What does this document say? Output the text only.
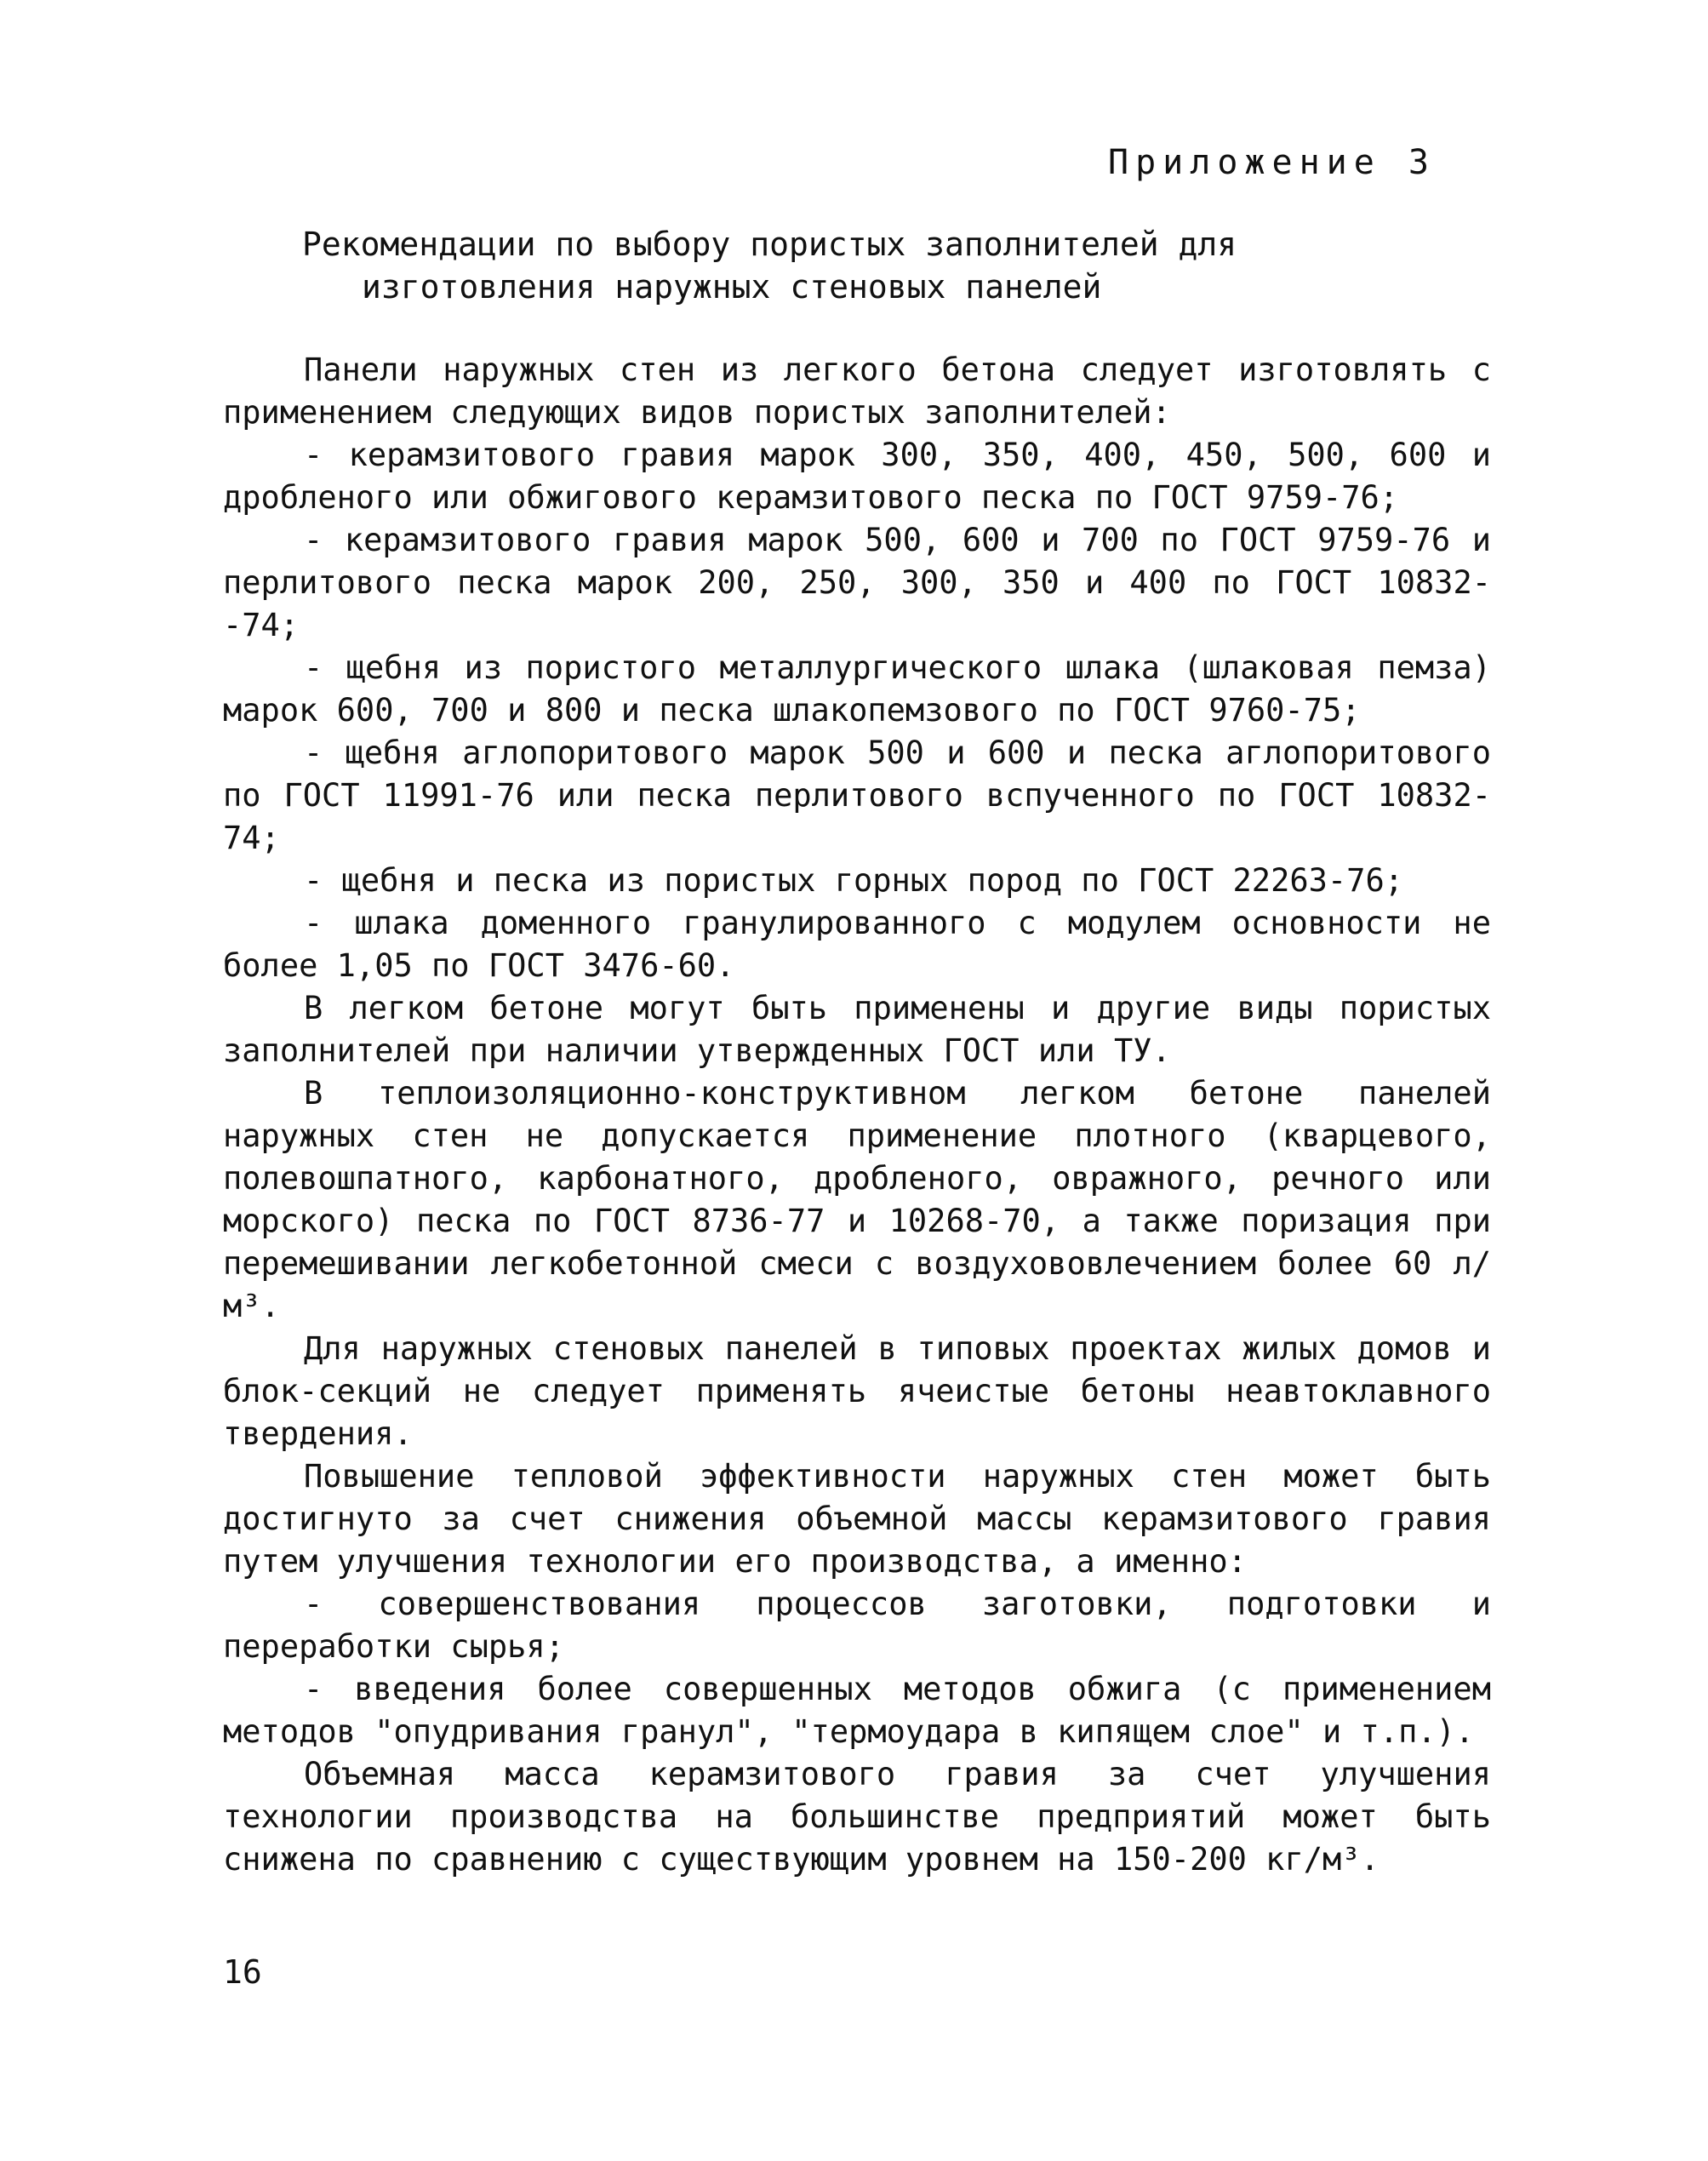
Приложение 3
Рекомендации по выбору пористых заполнителей для
изготовления наружных стеновых панелей

Панели наружных стен из легкого бетона следует изготовлять с применением следующих видов пористых заполнителей:

- керамзитового гравия марок 300, 350, 400, 450, 500, 600 и дробленого или обжигового керамзитового песка по ГОСТ 9759-76;

- керамзитового гравия марок 500, 600 и 700 по ГОСТ 9759-76 и перлитового песка марок 200, 250, 300, 350 и 400 по ГОСТ 10832--74;

- щебня из пористого металлургического шлака (шлаковая пемза) марок 600, 700 и 800 и песка шлакопемзового по ГОСТ 9760-75;

- щебня аглопоритового марок 500 и 600 и песка аглопоритового по ГОСТ 11991-76 или песка перлитового вспученного по ГОСТ 10832-74;

- щебня и песка из пористых горных пород по ГОСТ 22263-76;

- шлака доменного гранулированного с модулем основности не более 1,05 по ГОСТ 3476-60.

В легком бетоне могут быть применены и другие виды пористых заполнителей при наличии утвержденных ГОСТ или ТУ.

В теплоизоляционно-конструктивном легком бетоне панелей наружных стен не допускается применение плотного (кварцевого, полевошпатного, карбонатного, дробленого, овражного, речного или морского) песка по ГОСТ 8736-77 и 10268-70, а также поризация при перемешивании легкобетонной смеси с воздухововлечением более 60 л/м³.

Для наружных стеновых панелей в типовых проектах жилых домов и блок-секций не следует применять ячеистые бетоны неавтоклавного твердения.

Повышение тепловой эффективности наружных стен может быть достигнуто за счет снижения объемной массы керамзитового гравия путем улучшения технологии его производства, а именно:

- совершенствования процессов заготовки, подготовки и переработки сырья;

- введения более совершенных методов обжига (с применением методов "опудривания гранул", "термоудара в кипящем слое" и т.п.).

Объемная масса керамзитового гравия за счет улучшения технологии производства на большинстве предприятий может быть снижена по сравнению с существующим уровнем на 150-200 кг/м³.

16
